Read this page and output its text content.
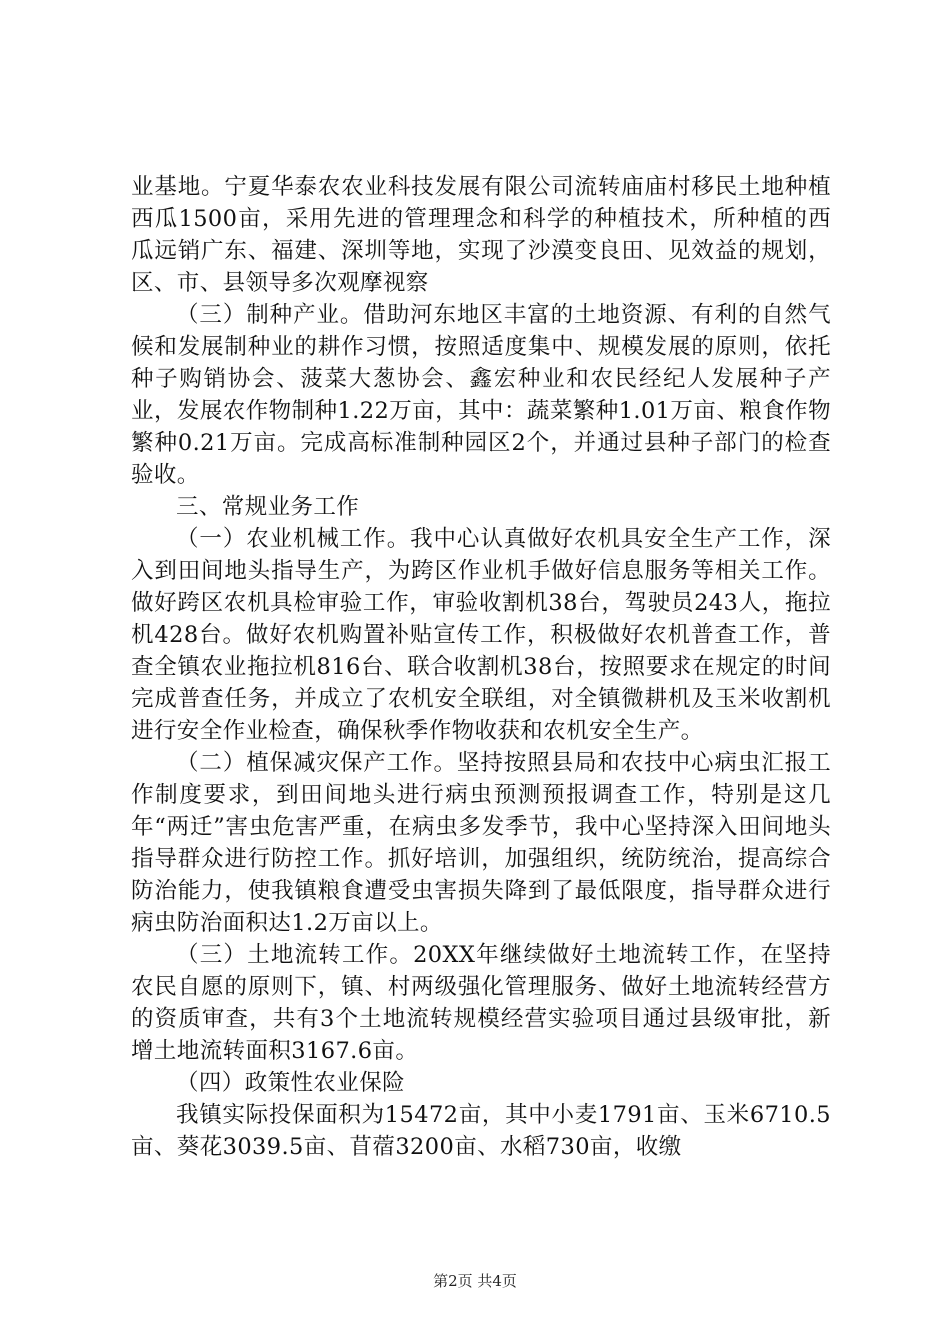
业基地。宁夏华泰农农业科技发展有限公司流转庙庙村移民土地种植西瓜1500亩，采用先进的管理理念和科学的种植技术，所种植的西瓜远销广东、福建、深圳等地，实现了沙漠变良田、见效益的规划，区、市、县领导多次观摩视察

（三）制种产业。借助河东地区丰富的土地资源、有利的自然气候和发展制种业的耕作习惯，按照适度集中、规模发展的原则，依托种子购销协会、菠菜大葱协会、鑫宏种业和农民经纪人发展种子产业，发展农作物制种1.22万亩，其中：蔬菜繁种1.01万亩、粮食作物繁种0.21万亩。完成高标准制种园区2个，并通过县种子部门的检查验收。

三、常规业务工作

（一）农业机械工作。我中心认真做好农机具安全生产工作，深入到田间地头指导生产，为跨区作业机手做好信息服务等相关工作。做好跨区农机具检审验工作，审验收割机38台，驾驶员243人，拖拉机428台。做好农机购置补贴宣传工作，积极做好农机普查工作，普查全镇农业拖拉机816台、联合收割机38台，按照要求在规定的时间完成普查任务，并成立了农机安全联组，对全镇微耕机及玉米收割机进行安全作业检查，确保秋季作物收获和农机安全生产。

（二）植保减灾保产工作。坚持按照县局和农技中心病虫汇报工作制度要求，到田间地头进行病虫预测预报调查工作，特别是这几年“两迁”害虫危害严重，在病虫多发季节，我中心坚持深入田间地头指导群众进行防控工作。抓好培训，加强组织，统防统治，提高综合防治能力，使我镇粮食遭受虫害损失降到了最低限度，指导群众进行病虫防治面积达1.2万亩以上。

（三）土地流转工作。20XX年继续做好土地流转工作，在坚持农民自愿的原则下，镇、村两级强化管理服务、做好土地流转经营方的资质审查，共有3个土地流转规模经营实验项目通过县级审批，新增土地流转面积3167.6亩。

（四）政策性农业保险

我镇实际投保面积为15472亩，其中小麦1791亩、玉米6710.5亩、葵花3039.5亩、苜蓿3200亩、水稻730亩，收缴

第2页 共4页
